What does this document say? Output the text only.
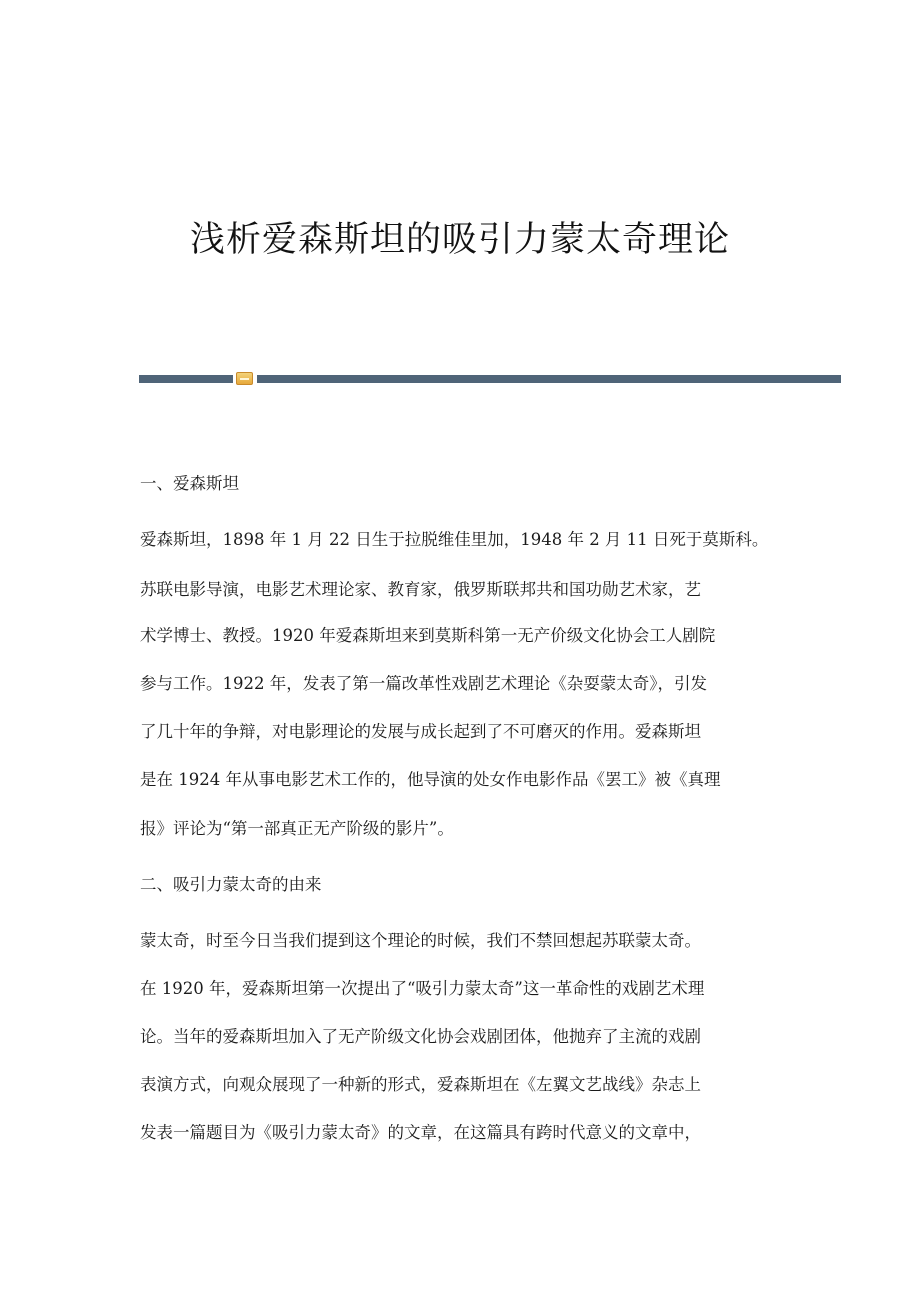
浅析爱森斯坦的吸引力蒙太奇理论
一、爱森斯坦
爱森斯坦，1898 年 1 月 22 日生于拉脱维佳里加，1948 年 2 月 11 日死于莫斯科。
苏联电影导演，电影艺术理论家、教育家，俄罗斯联邦共和国功勋艺术家，艺
术学博士、教授。1920 年爱森斯坦来到莫斯科第一无产价级文化协会工人剧院
参与工作。1922 年，发表了第一篇改革性戏剧艺术理论《杂耍蒙太奇》，引发
了几十年的争辩，对电影理论的发展与成长起到了不可磨灭的作用。爱森斯坦
是在 1924 年从事电影艺术工作的，他导演的处女作电影作品《罢工》被《真理
报》评论为“第一部真正无产阶级的影片”。
二、吸引力蒙太奇的由来
蒙太奇，时至今日当我们提到这个理论的时候，我们不禁回想起苏联蒙太奇。
在 1920 年，爱森斯坦第一次提出了“吸引力蒙太奇”这一革命性的戏剧艺术理
论。当年的爱森斯坦加入了无产阶级文化协会戏剧团体，他抛弃了主流的戏剧
表演方式，向观众展现了一种新的形式，爱森斯坦在《左翼文艺战线》杂志上
发表一篇题目为《吸引力蒙太奇》的文章，在这篇具有跨时代意义的文章中，
